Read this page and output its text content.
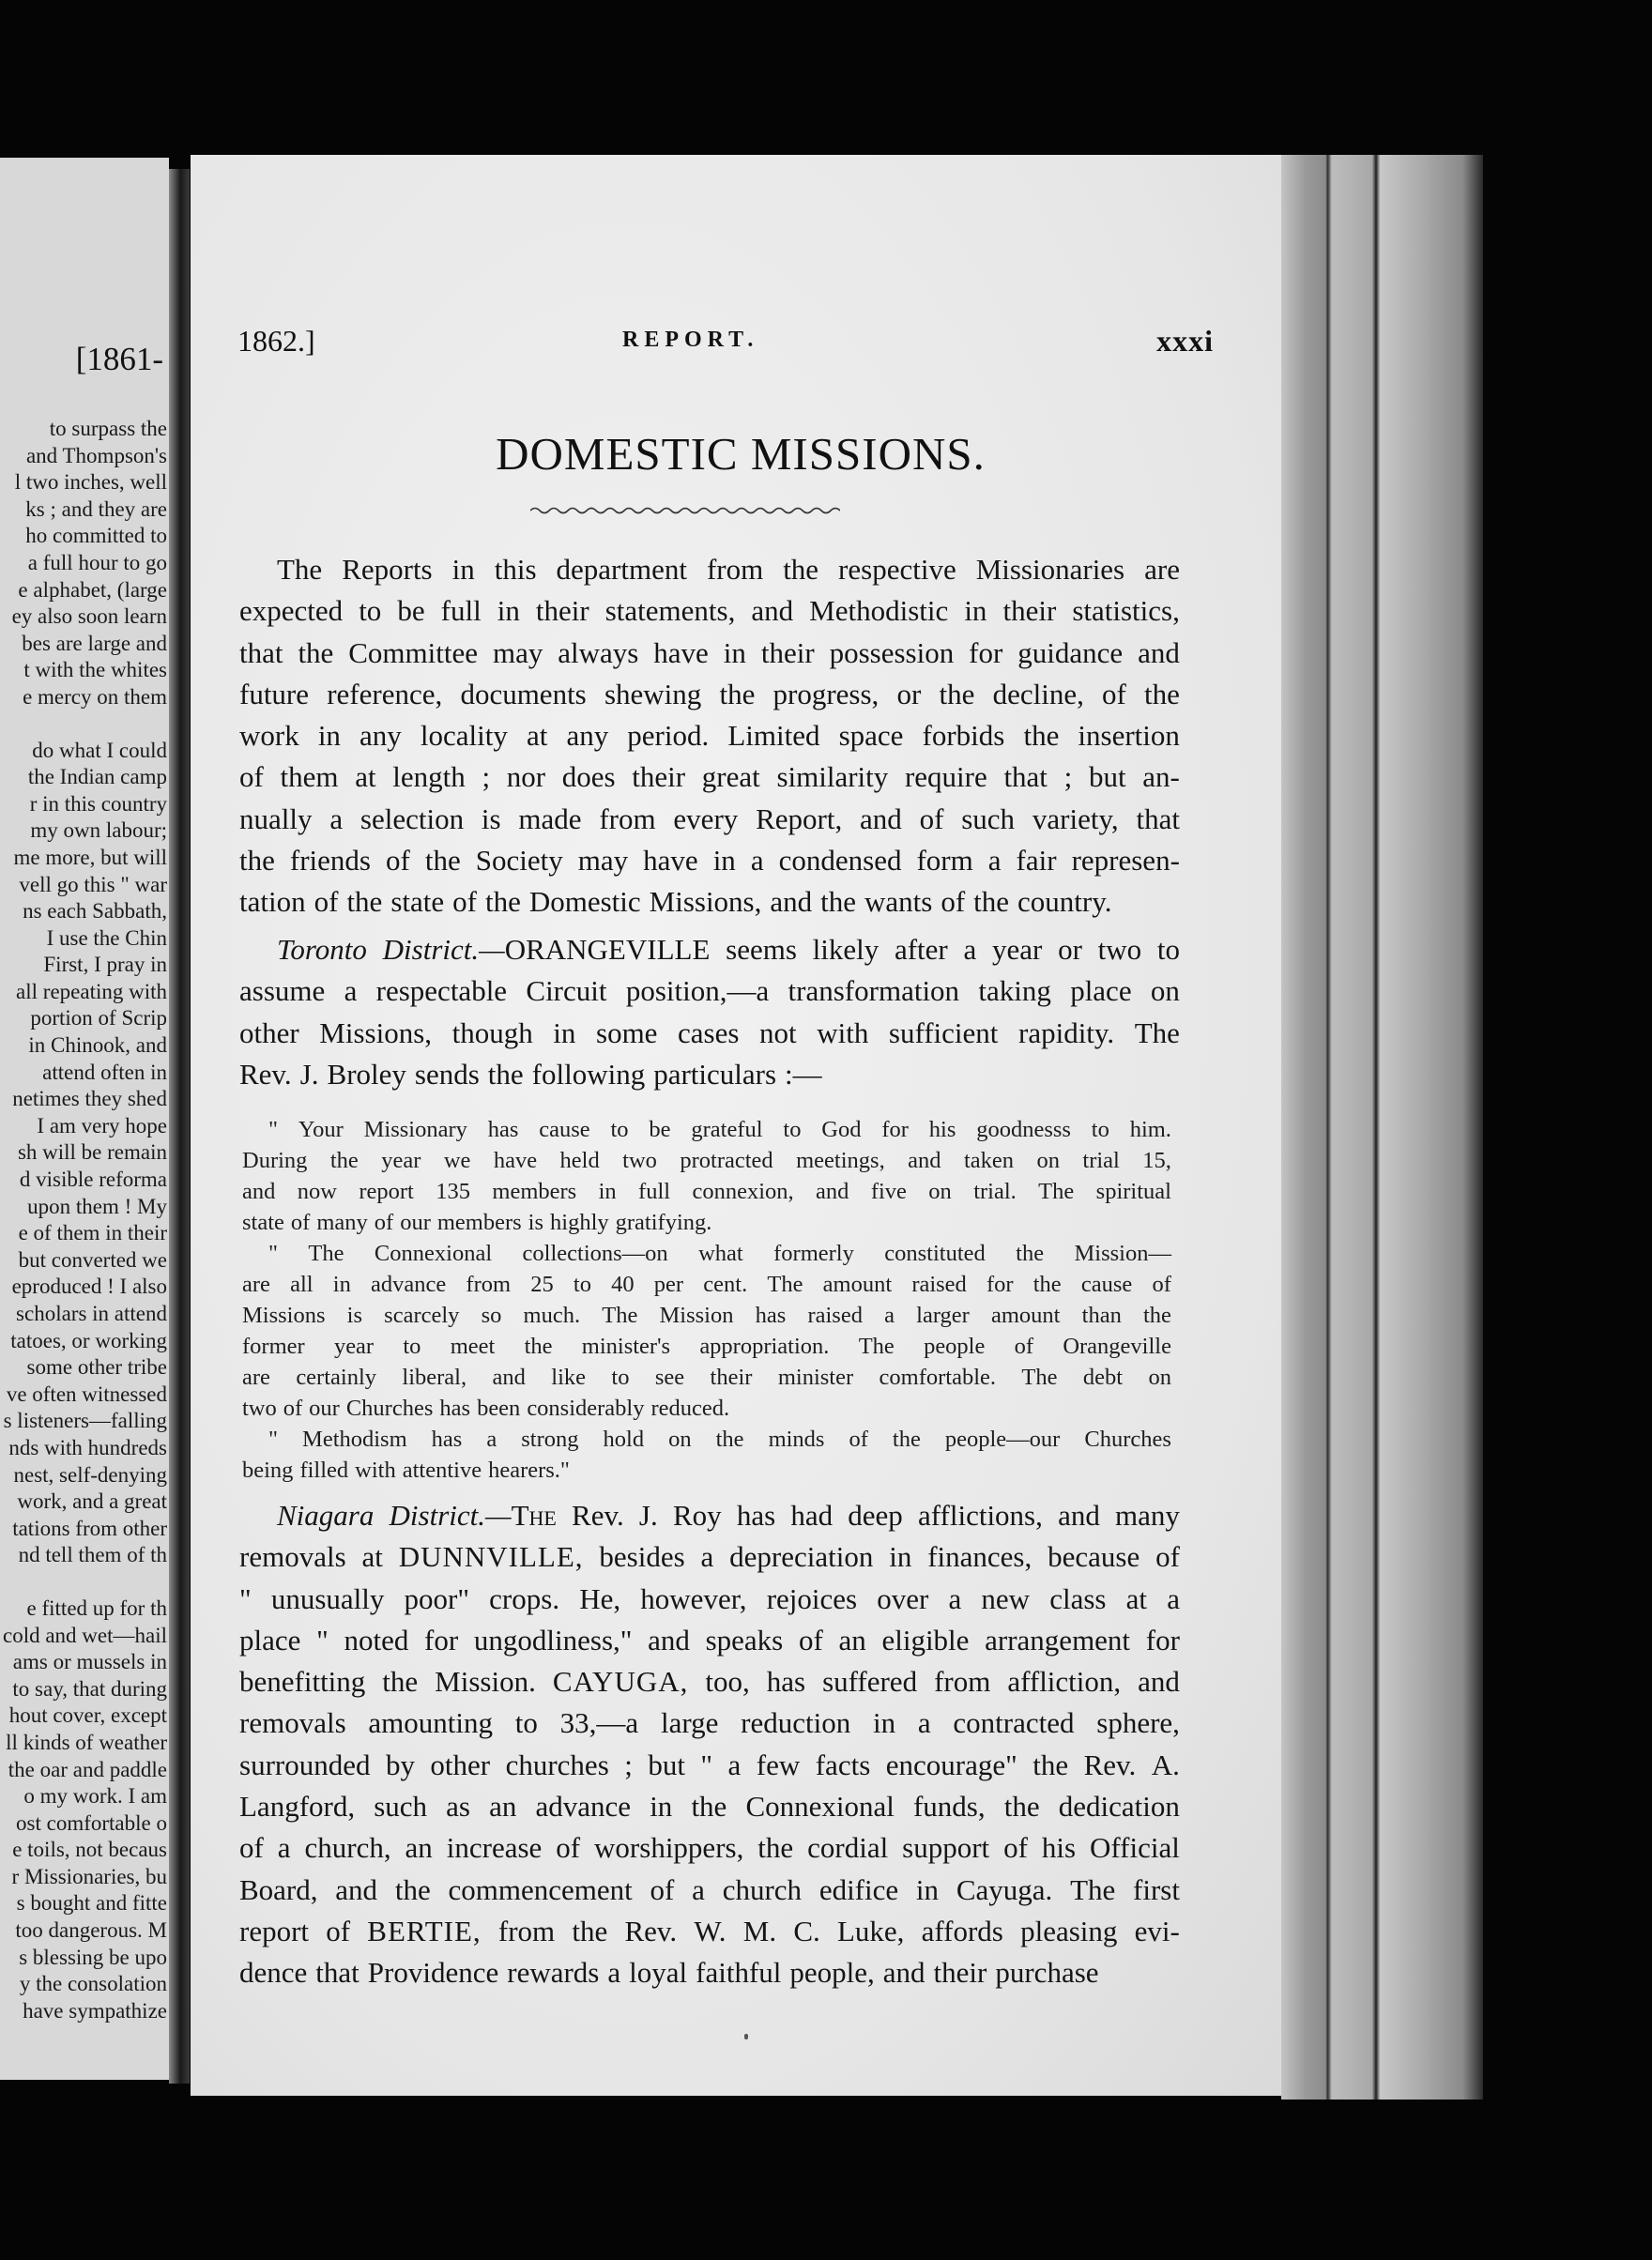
[1861-
to surpass the
and Thompson's
l two inches, well
ks ; and they are
ho committed to
a full hour to go
e alphabet, (large
ey also soon learn
bes are large and
t with the whites
e mercy on them
do what I could
the Indian camp
r in this country
my own labour;
me more, but will
vell go this " war
ns each Sabbath,
I use the Chin
First, I pray in
all repeating with
portion of Scrip
in Chinook, and
attend often in
netimes they shed
I am very hope
sh will be remain
d visible reforma
upon them ! My
e of them in their
but converted we
eproduced ! I also
scholars in attend
tatoes, or working
some other tribe
ve often witnessed
s listeners—falling
nds with hundreds
nest, self-denying
work, and a great
tations from other
nd tell them of th
e fitted up for th
cold and wet—hail
ams or mussels in
to say, that during
hout cover, except
ll kinds of weather
the oar and paddle
o my work. I am
ost comfortable o
e toils, not becaus
r Missionaries, bu
s bought and fitte
too dangerous. M
s blessing be upo
y the consolation
have sympathize
1862.]	REPORT.	xxxi
DOMESTIC MISSIONS.
The Reports in this department from the respective Missionaries are
expected to be full in their statements, and Methodistic in their statistics,
that the Committee may always have in their possession for guidance and
future reference, documents shewing the progress, or the decline, of the
work in any locality at any period. Limited space forbids the insertion
of them at length ; nor does their great similarity require that ; but an-
nually a selection is made from every Report, and of such variety, that
the friends of the Society may have in a condensed form a fair represen-
tation of the state of the Domestic Missions, and the wants of the country.
Toronto District.—ORANGEVILLE seems likely after a year or two to
assume a respectable Circuit position,—a transformation taking place on
other Missions, though in some cases not with sufficient rapidity. The
Rev. J. Broley sends the following particulars :—
" Your Missionary has cause to be grateful to God for his goodnesss to him.
During the year we have held two protracted meetings, and taken on trial 15,
and now report 135 members in full connexion, and five on trial. The spiritual
state of many of our members is highly gratifying.
" The Connexional collections—on what formerly constituted the Mission—
are all in advance from 25 to 40 per cent. The amount raised for the cause of
Missions is scarcely so much. The Mission has raised a larger amount than the
former year to meet the minister's appropriation. The people of Orangeville
are certainly liberal, and like to see their minister comfortable. The debt on
two of our Churches has been considerably reduced.
" Methodism has a strong hold on the minds of the people—our Churches
being filled with attentive hearers."
Niagara District.—The Rev. J. Roy has had deep afflictions, and many
removals at DUNNVILLE, besides a depreciation in finances, because of
" unusually poor" crops. He, however, rejoices over a new class at a
place " noted for ungodliness," and speaks of an eligible arrangement for
benefitting the Mission. CAYUGA, too, has suffered from affliction, and
removals amounting to 33,—a large reduction in a contracted sphere,
surrounded by other churches ; but " a few facts encourage" the Rev. A.
Langford, such as an advance in the Connexional funds, the dedication
of a church, an increase of worshippers, the cordial support of his Official
Board, and the commencement of a church edifice in Cayuga. The first
report of BERTIE, from the Rev. W. M. C. Luke, affords pleasing evi-
dence that Providence rewards a loyal faithful people, and their purchase
